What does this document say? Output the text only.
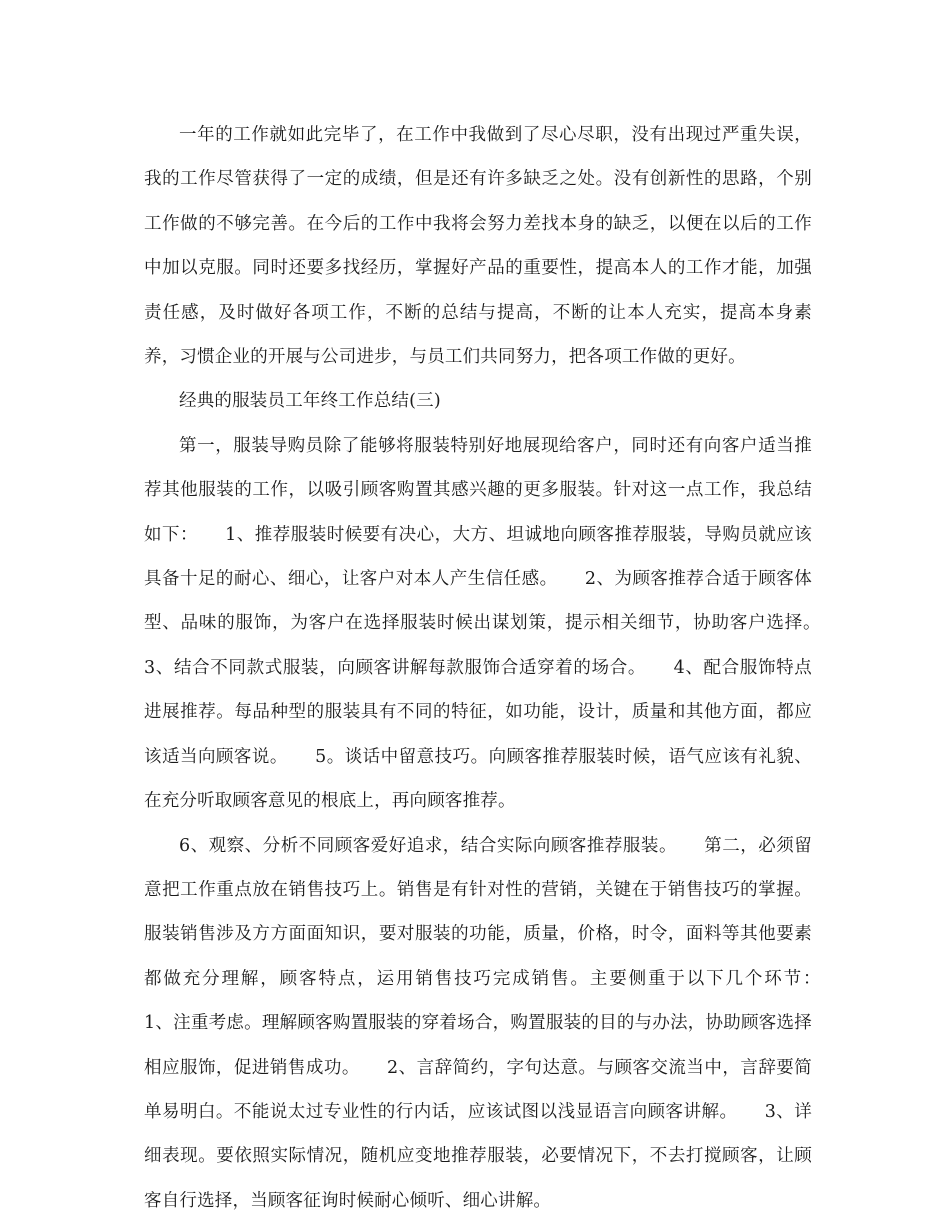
一年的工作就如此完毕了，在工作中我做到了尽心尽职，没有出现过严重失误，我的工作尽管获得了一定的成绩，但是还有许多缺乏之处。没有创新性的思路，个别工作做的不够完善。在今后的工作中我将会努力差找本身的缺乏，以便在以后的工作中加以克服。同时还要多找经历，掌握好产品的重要性，提高本人的工作才能，加强责任感，及时做好各项工作，不断的总结与提高，不断的让本人充实，提高本身素养，习惯企业的开展与公司进步，与员工们共同努力，把各项工作做的更好。

经典的服装员工年终工作总结(三)

第一，服装导购员除了能够将服装特别好地展现给客户，同时还有向客户适当推荐其他服装的工作，以吸引顾客购置其感兴趣的更多服装。针对这一点工作，我总结如下：　　1、推荐服装时候要有决心，大方、坦诚地向顾客推荐服装，导购员就应该具备十足的耐心、细心，让客户对本人产生信任感。　　2、为顾客推荐合适于顾客体型、品味的服饰，为客户在选择服装时候出谋划策，提示相关细节，协助客户选择。　　3、结合不同款式服装，向顾客讲解每款服饰合适穿着的场合。　　4、配合服饰特点进展推荐。每品种型的服装具有不同的特征，如功能，设计，质量和其他方面，都应该适当向顾客说。　　5。谈话中留意技巧。向顾客推荐服装时候，语气应该有礼貌、在充分听取顾客意见的根底上，再向顾客推荐。

6、观察、分析不同顾客爱好追求，结合实际向顾客推荐服装。　　第二，必须留意把工作重点放在销售技巧上。销售是有针对性的营销，关键在于销售技巧的掌握。服装销售涉及方方面面知识，要对服装的功能，质量，价格，时令，面料等其他要素都做充分理解，顾客特点，运用销售技巧完成销售。主要侧重于以下几个环节：　　1、注重考虑。理解顾客购置服装的穿着场合，购置服装的目的与办法，协助顾客选择相应服饰，促进销售成功。　　2、言辞简约，字句达意。与顾客交流当中，言辞要简单易明白。不能说太过专业性的行内话，应该试图以浅显语言向顾客讲解。　　3、详细表现。要依照实际情况，随机应变地推荐服装，必要情况下，不去打搅顾客，让顾客自行选择，当顾客征询时候耐心倾听、细心讲解。
